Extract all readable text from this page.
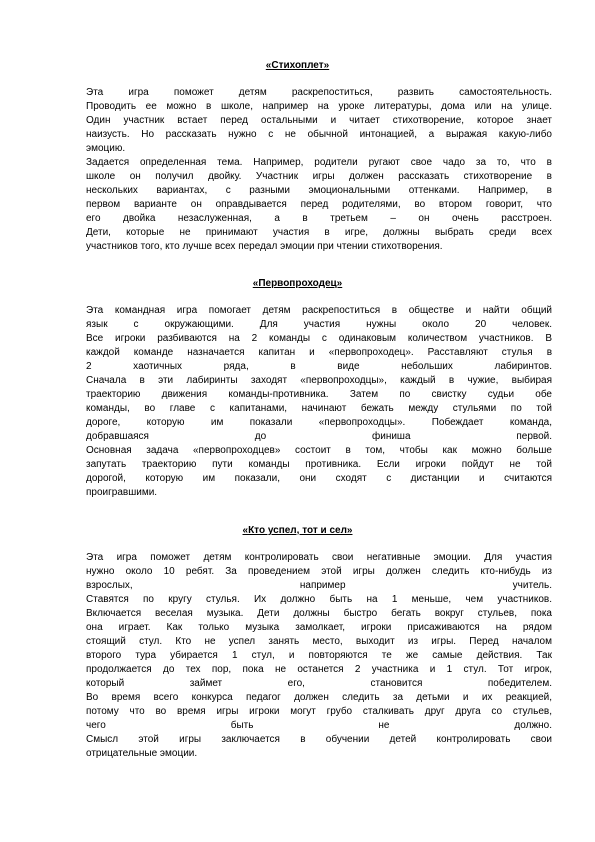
«Стихоплет»
Эта игра поможет детям раскрепоститься, развить самостоятельность.
Проводить ее можно в школе, например на уроке литературы, дома или на улице.
Один участник встает перед остальными и читает стихотворение, которое знает
наизусть. Но рассказать нужно с не обычной интонацией, а выражая какую-либо
эмоцию.
Задается определенная тема. Например, родители ругают свое чадо за то, что в
школе он получил двойку. Участник игры должен рассказать стихотворение в
нескольких вариантах, с разными эмоциональными оттенками. Например, в
первом варианте он оправдывается перед родителями, во втором говорит, что
его двойка незаслуженная, а в третьем – он очень расстроен.
Дети, которые не принимают участия в игре, должны выбрать среди всех
участников того, кто лучше всех передал эмоции при чтении стихотворения.
«Первопроходец»
Эта командная игра помогает детям раскрепоститься в обществе и найти общий
язык с окружающими. Для участия нужны около 20 человек.
Все игроки разбиваются на 2 команды с одинаковым количеством участников. В
каждой команде назначается капитан и «первопроходец». Расставляют стулья в
2 хаотичных ряда, в виде небольших лабиринтов.
Сначала в эти лабиринты заходят «первопроходцы», каждый в чужие, выбирая
траекторию движения команды-противника. Затем по свистку судьи обе
команды, во главе с капитанами, начинают бежать между стульями по той
дороге, которую им показали «первопроходцы». Побеждает команда,
добравшаяся до финиша первой.
Основная задача «первопроходцев» состоит в том, чтобы как можно больше
запутать траекторию пути команды противника. Если игроки пойдут не той
дорогой, которую им показали, они сходят с дистанции и считаются
проигравшими.
«Кто успел, тот и сел»
Эта игра поможет детям контролировать свои негативные эмоции. Для участия
нужно около 10 ребят. За проведением этой игры должен следить кто-нибудь из
взрослых, например учитель.
Ставятся по кругу стулья. Их должно быть на 1 меньше, чем участников.
Включается веселая музыка. Дети должны быстро бегать вокруг стульев, пока
она играет. Как только музыка замолкает, игроки присаживаются на рядом
стоящий стул. Кто не успел занять место, выходит из игры. Перед началом
второго тура убирается 1 стул, и повторяются те же самые действия. Так
продолжается до тех пор, пока не останется 2 участника и 1 стул. Тот игрок,
который займет его, становится победителем.
Во время всего конкурса педагог должен следить за детьми и их реакцией,
потому что во время игры игроки могут грубо сталкивать друг друга со стульев,
чего быть не должно.
Смысл этой игры заключается в обучении детей контролировать свои
отрицательные эмоции.
